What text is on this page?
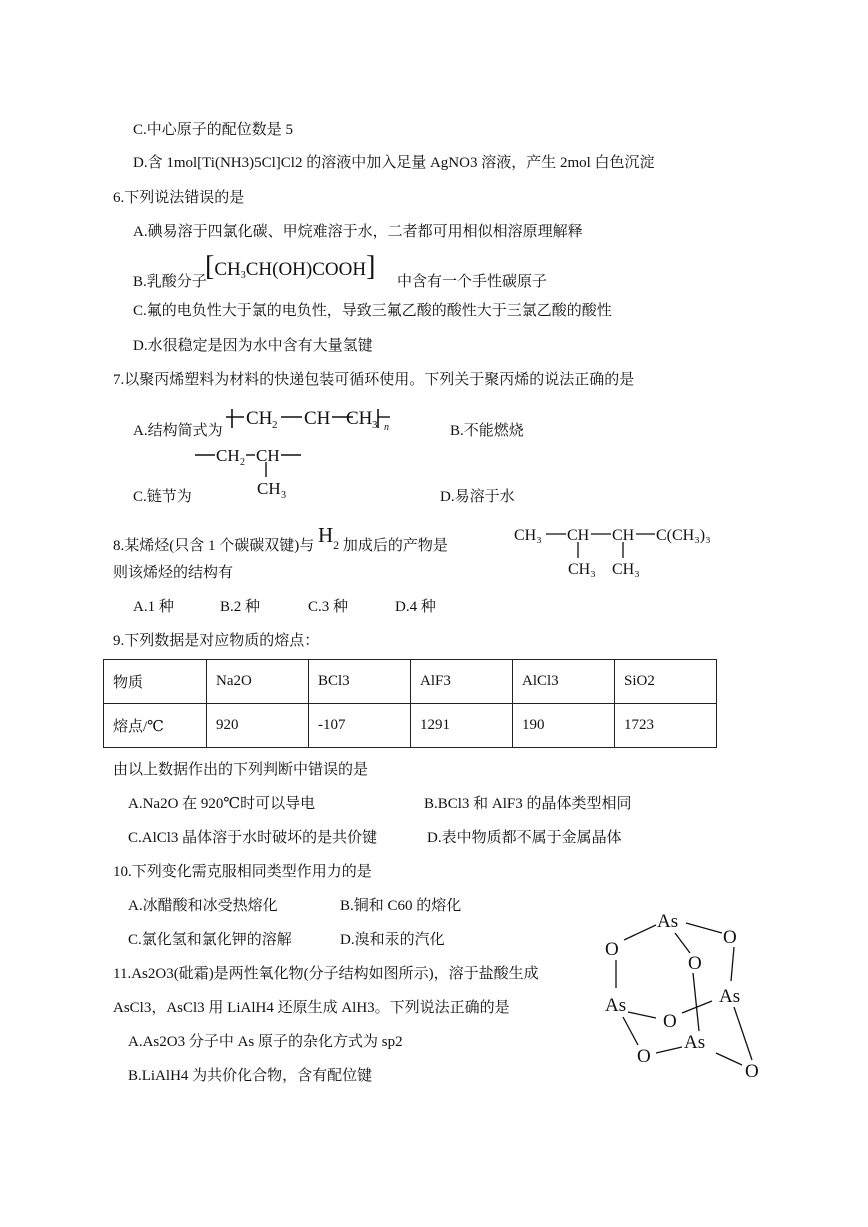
C.中心原子的配位数是 5
D.含 1mol[Ti(NH3)5Cl]Cl2 的溶液中加入足量 AgNO3 溶液，产生 2mol 白色沉淀
6.下列说法错误的是
A.碘易溶于四氯化碳、甲烷难溶于水，二者都可用相似相溶原理解释
B.乳酸分子
[CH3CH(OH)COOH] 中含有一个手性碳原子
C.氟的电负性大于氯的电负性，导致三氟乙酸的酸性大于三氯乙酸的酸性
D.水很稳定是因为水中含有大量氢键
7.以聚丙烯塑料为材料的快递包装可循环使用。下列关于聚丙烯的说法正确的是
A.结构简式为
CH 2 CH CH 3 n	B.不能燃烧
CH 2 CH
CH 3
C.链节为	D.易溶于水
8.某烯烃(只含 1 个碳碳双键)与 H2 加成后的产物是
CH₃ CH CH C(CH₃)₃
CH₃ CH₃
则该烯烃的结构有
A.1 种	B.2 种	C.3 种	D.4 种
9.下列数据是对应物质的熔点：
物质	Na2O	BCl3	AlF3	AlCl3	SiO2
熔点/℃	920	-107	1291	190	1723
由以上数据作出的下列判断中错误的是
A.Na2O 在 920℃时可以导电	B.BCl3 和 AlF3 的晶体类型相同
C.AlCl3 晶体溶于水时破坏的是共价键	D.表中物质都不属于金属晶体
10.下列变化需克服相同类型作用力的是
A.冰醋酸和冰受热熔化	B.铜和 C60 的熔化
C.氯化氢和氯化钾的溶解	D.溴和汞的汽化
11.As2O3(砒霜)是两性氧化物(分子结构如图所示)，溶于盐酸生成
AsCl3，AsCl3 用 LiAlH4 还原生成 AlH3。下列说法正确的是
A.As2O3 分子中 As 原子的杂化方式为 sp2
B.LiAlH4 为共价化合物，含有配位键
As
O
O
O
As	As
O
As
O
O
